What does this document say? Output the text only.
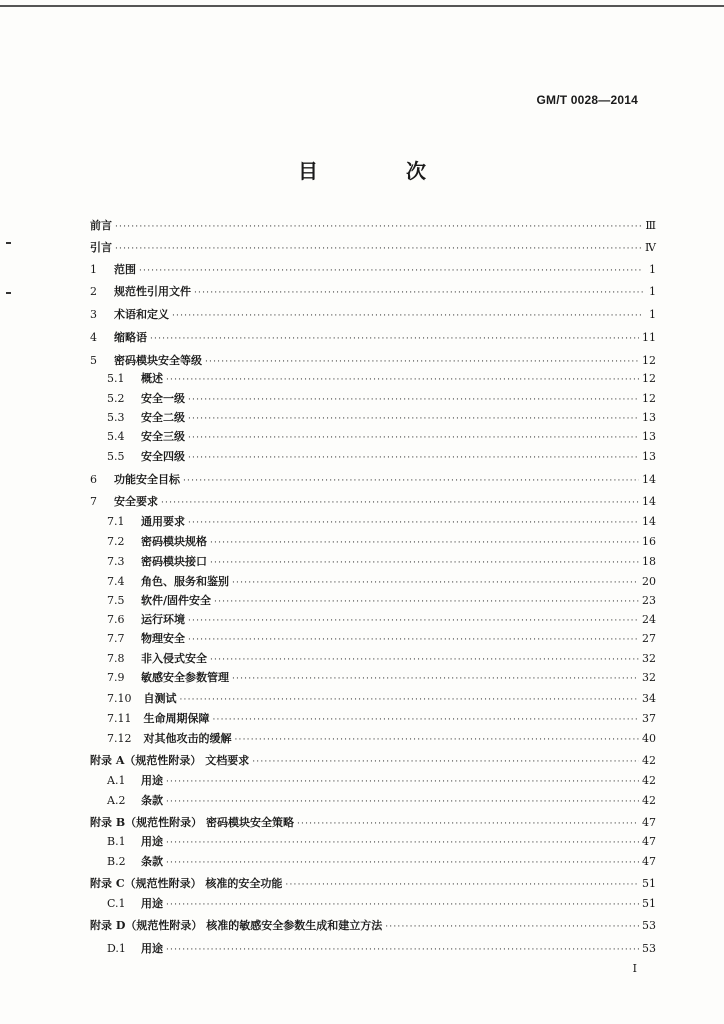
GM/T 0028—2014
目　次
前言 ·····	Ⅲ
引言 ·····	Ⅳ
1	范围 ·····	1
2	规范性引用文件 ·····	1
3	术语和定义 ·····	1
4	缩略语 ·····	11
5	密码模块安全等级 ·····	12
5.1	概述 ·····	12
5.2	安全一级 ·····	12
5.3	安全二级 ·····	13
5.4	安全三级 ·····	13
5.5	安全四级 ·····	13
6	功能安全目标 ·····	14
7	安全要求 ·····	14
7.1	通用要求 ·····	14
7.2	密码模块规格 ·····	16
7.3	密码模块接口 ·····	18
7.4	角色、服务和鉴别 ·····	20
7.5	软件/固件安全 ·····	23
7.6	运行环境 ·····	24
7.7	物理安全 ·····	27
7.8	非入侵式安全 ·····	32
7.9	敏感安全参数管理 ·····	32
7.10	自测试 ·····	34
7.11	生命周期保障 ·····	37
7.12	对其他攻击的缓解 ·····	40
附录 A（规范性附录） 文档要求 ·····	42
A.1	用途 ·····	42
A.2	条款 ·····	42
附录 B（规范性附录） 密码模块安全策略 ·····	47
B.1	用途 ·····	47
B.2	条款 ·····	47
附录 C（规范性附录） 核准的安全功能 ·····	51
C.1	用途 ·····	51
附录 D（规范性附录） 核准的敏感安全参数生成和建立方法 ·····	53
D.1	用途 ·····	53
I
